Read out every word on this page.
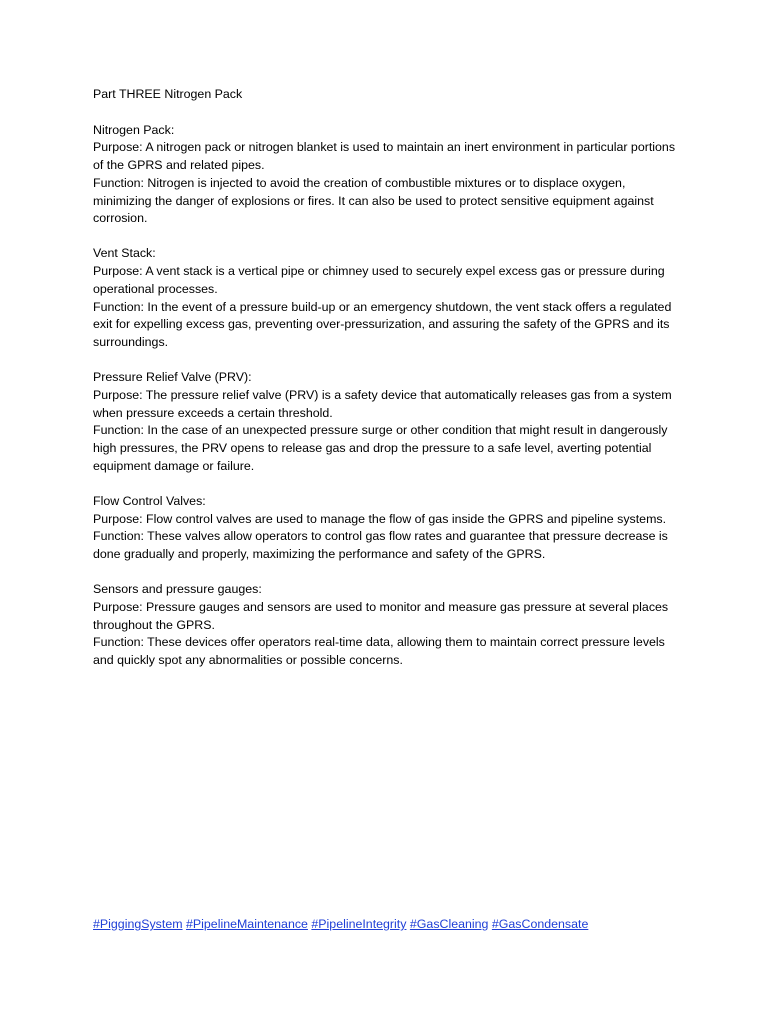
Part THREE Nitrogen Pack

Nitrogen Pack:

Purpose: A nitrogen pack or nitrogen blanket is used to maintain an inert environment in particular portions of the GPRS and related pipes.

Function: Nitrogen is injected to avoid the creation of combustible mixtures or to displace oxygen, minimizing the danger of explosions or fires. It can also be used to protect sensitive equipment against corrosion.

Vent Stack:

Purpose: A vent stack is a vertical pipe or chimney used to securely expel excess gas or pressure during operational processes.

Function: In the event of a pressure build-up or an emergency shutdown, the vent stack offers a regulated exit for expelling excess gas, preventing over-pressurization, and assuring the safety of the GPRS and its surroundings.

Pressure Relief Valve (PRV):

Purpose: The pressure relief valve (PRV) is a safety device that automatically releases gas from a system when pressure exceeds a certain threshold.

Function: In the case of an unexpected pressure surge or other condition that might result in dangerously high pressures, the PRV opens to release gas and drop the pressure to a safe level, averting potential equipment damage or failure.

Flow Control Valves:

Purpose: Flow control valves are used to manage the flow of gas inside the GPRS and pipeline systems.

Function: These valves allow operators to control gas flow rates and guarantee that pressure decrease is done gradually and properly, maximizing the performance and safety of the GPRS.

Sensors and pressure gauges:

Purpose: Pressure gauges and sensors are used to monitor and measure gas pressure at several places throughout the GPRS.

Function: These devices offer operators real-time data, allowing them to maintain correct pressure levels and quickly spot any abnormalities or possible concerns.

#PiggingSystem #PipelineMaintenance #PipelineIntegrity #GasCleaning #GasCondensate
